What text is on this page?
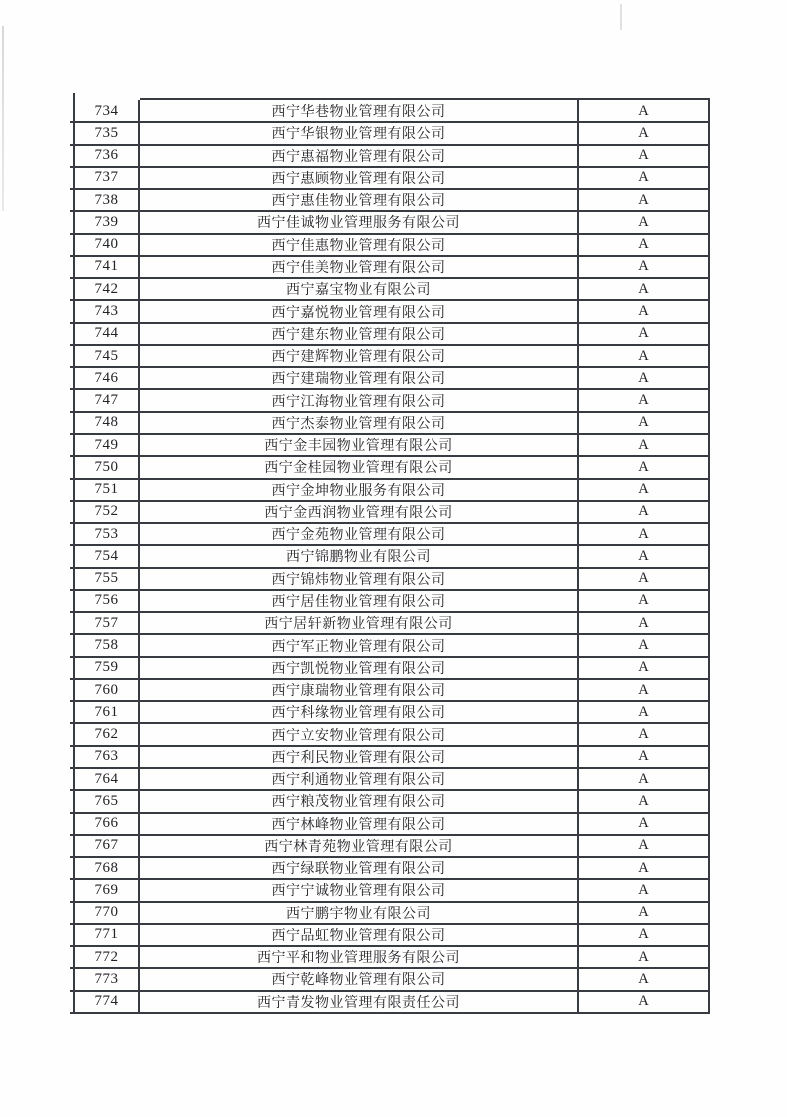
734	西宁华巷物业管理有限公司	A
735	西宁华银物业管理有限公司	A
736	西宁惠福物业管理有限公司	A
737	西宁惠顾物业管理有限公司	A
738	西宁惠佳物业管理有限公司	A
739	西宁佳诚物业管理服务有限公司	A
740	西宁佳惠物业管理有限公司	A
741	西宁佳美物业管理有限公司	A
742	西宁嘉宝物业有限公司	A
743	西宁嘉悦物业管理有限公司	A
744	西宁建东物业管理有限公司	A
745	西宁建辉物业管理有限公司	A
746	西宁建瑞物业管理有限公司	A
747	西宁江海物业管理有限公司	A
748	西宁杰泰物业管理有限公司	A
749	西宁金丰园物业管理有限公司	A
750	西宁金桂园物业管理有限公司	A
751	西宁金坤物业服务有限公司	A
752	西宁金西润物业管理有限公司	A
753	西宁金苑物业管理有限公司	A
754	西宁锦鹏物业有限公司	A
755	西宁锦炜物业管理有限公司	A
756	西宁居佳物业管理有限公司	A
757	西宁居轩新物业管理有限公司	A
758	西宁军正物业管理有限公司	A
759	西宁凯悦物业管理有限公司	A
760	西宁康瑞物业管理有限公司	A
761	西宁科缘物业管理有限公司	A
762	西宁立安物业管理有限公司	A
763	西宁利民物业管理有限公司	A
764	西宁利通物业管理有限公司	A
765	西宁粮茂物业管理有限公司	A
766	西宁林峰物业管理有限公司	A
767	西宁林青苑物业管理有限公司	A
768	西宁绿联物业管理有限公司	A
769	西宁宁诚物业管理有限公司	A
770	西宁鹏宇物业有限公司	A
771	西宁品虹物业管理有限公司	A
772	西宁平和物业管理服务有限公司	A
773	西宁乾峰物业管理有限公司	A
774	西宁青发物业管理有限责任公司	A
